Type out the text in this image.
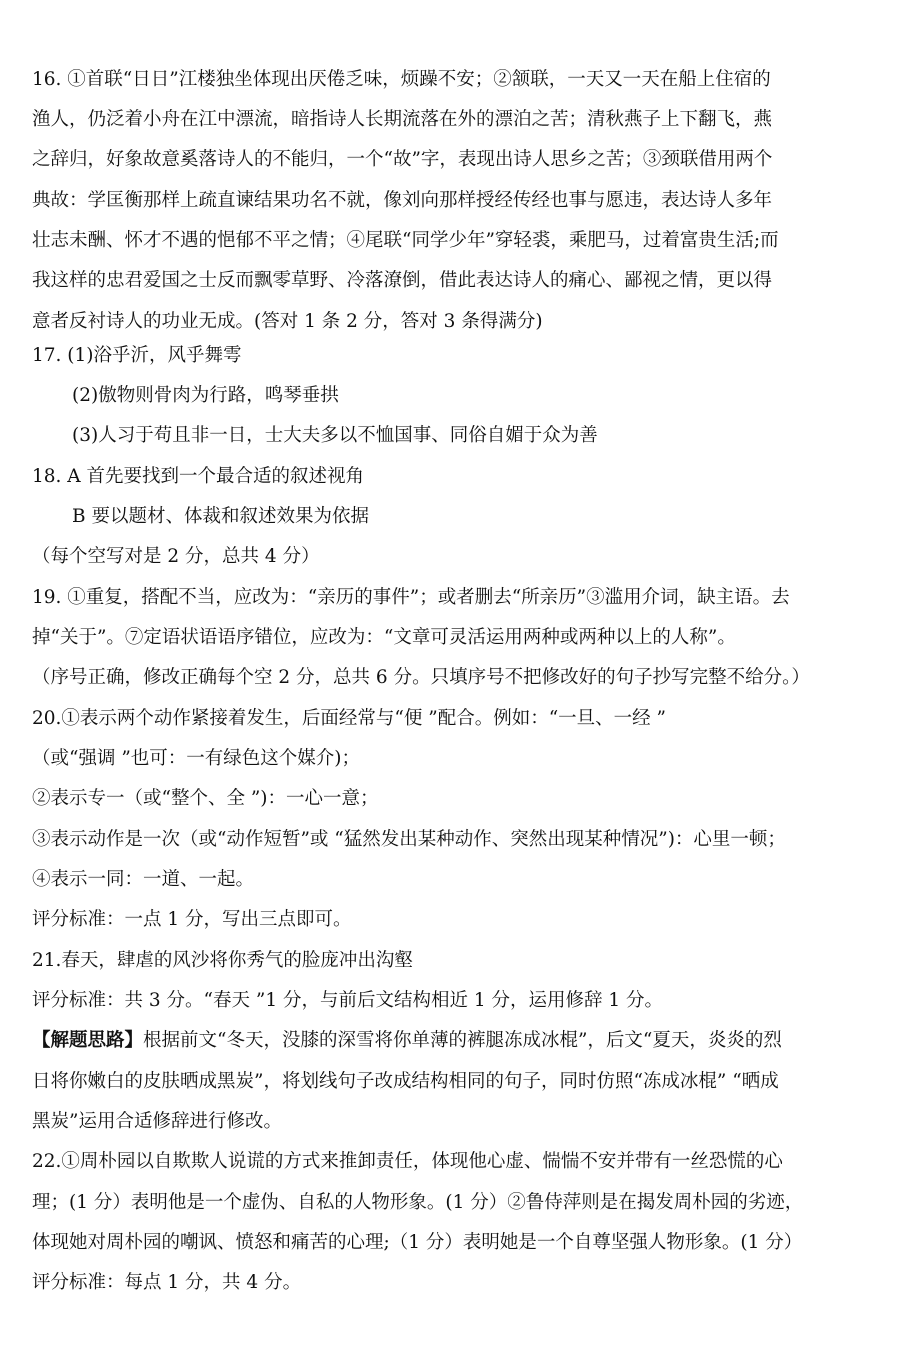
16. ①首联“日日”江楼独坐体现出厌倦乏味，烦躁不安；②颔联，一天又一天在船上住宿的
渔人，仍泛着小舟在江中漂流，暗指诗人长期流落在外的漂泊之苦；清秋燕子上下翻飞，燕
之辞归，好象故意奚落诗人的不能归，一个“故”字，表现出诗人思乡之苦；③颈联借用两个
典故：学匡衡那样上疏直谏结果功名不就，像刘向那样授经传经也事与愿违，表达诗人多年
壮志未酬、怀才不遇的悒郁不平之情；④尾联“同学少年”穿轻裘，乘肥马，过着富贵生活;而
我这样的忠君爱国之士反而飘零草野、冷落潦倒，借此表达诗人的痛心、鄙视之情，更以得
意者反衬诗人的功业无成。(答对 1 条 2 分，答对 3 条得满分)
17. (1)浴乎沂，风乎舞雩
(2)傲物则骨肉为行路，鸣琴垂拱
(3)人习于苟且非一日，士大夫多以不恤国事、同俗自媚于众为善
18. A 首先要找到一个最合适的叙述视角
B 要以题材、体裁和叙述效果为依据
（每个空写对是 2 分，总共 4 分）
19. ①重复，搭配不当，应改为：“亲历的事件”；或者删去“所亲历”③滥用介词，缺主语。去
掉“关于”。⑦定语状语语序错位，应改为：“文章可灵活运用两种或两种以上的人称”。
（序号正确，修改正确每个空 2 分，总共 6 分。只填序号不把修改好的句子抄写完整不给分。）
20.①表示两个动作紧接着发生，后面经常与“便 ”配合。例如：“一旦、一经 ”
（或“强调 ”也可：一有绿色这个媒介)；
②表示专一（或“整个、全 ”)：一心一意；
③表示动作是一次（或“动作短暂”或 “猛然发出某种动作、突然出现某种情况”)：心里一顿；
④表示一同：一道、一起。
评分标准：一点 1 分，写出三点即可。
21.春天，肆虐的风沙将你秀气的脸庞冲出沟壑
评分标准：共 3 分。“春天 ”1 分，与前后文结构相近 1 分，运用修辞 1 分。
【解题思路】根据前文“冬天，没膝的深雪将你单薄的裤腿冻成冰棍”，后文“夏天，炎炎的烈
日将你嫩白的皮肤晒成黑炭”，将划线句子改成结构相同的句子，同时仿照“冻成冰棍” “晒成
黑炭”运用合适修辞进行修改。
22.①周朴园以自欺欺人说谎的方式来推卸责任，体现他心虚、惴惴不安并带有一丝恐慌的心
理；(1 分）表明他是一个虚伪、自私的人物形象。(1 分）②鲁侍萍则是在揭发周朴园的劣迹，
体现她对周朴园的嘲讽、愤怒和痛苦的心理;（1 分）表明她是一个自尊坚强人物形象。(1 分）
评分标准：每点 1 分，共 4 分。
